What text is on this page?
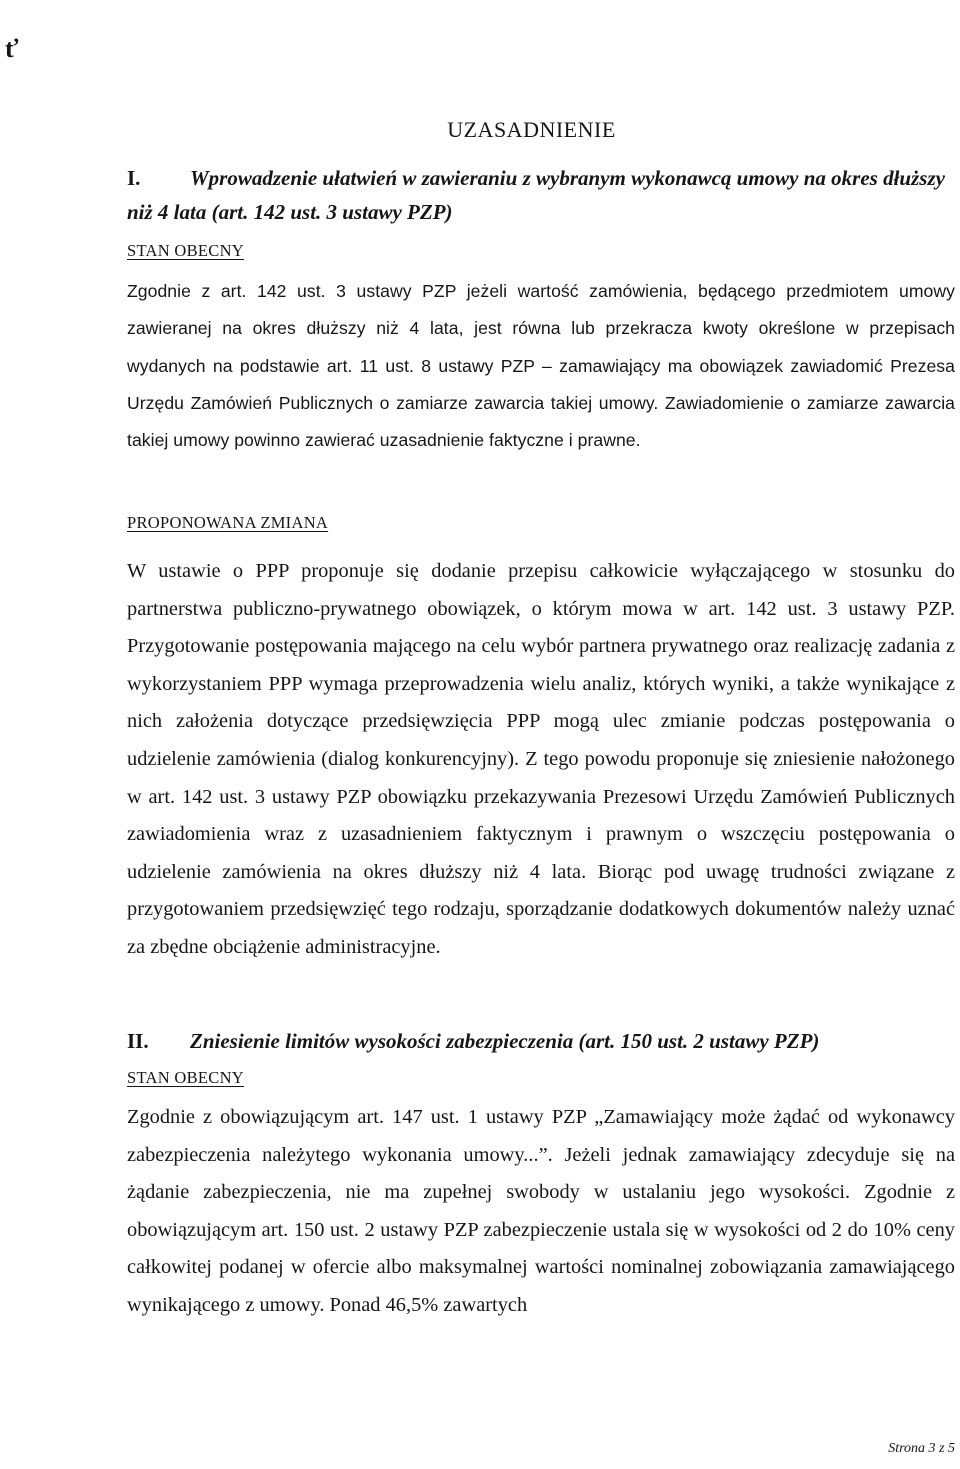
ť
UZASADNIENIE
I. Wprowadzenie ułatwień w zawieraniu z wybranym wykonawcą umowy na okres dłuższy niż 4 lata (art. 142 ust. 3 ustawy PZP)
STAN OBECNY
Zgodnie z art. 142 ust. 3 ustawy PZP jeżeli wartość zamówienia, będącego przedmiotem umowy zawieranej na okres dłuższy niż 4 lata, jest równa lub przekracza kwoty określone w przepisach wydanych na podstawie art. 11 ust. 8 ustawy PZP – zamawiający ma obowiązek zawiadomić Prezesa Urzędu Zamówień Publicznych o zamiarze zawarcia takiej umowy. Zawiadomienie o zamiarze zawarcia takiej umowy powinno zawierać uzasadnienie faktyczne i prawne.
PROPONOWANA ZMIANA
W ustawie o PPP proponuje się dodanie przepisu całkowicie wyłączającego w stosunku do partnerstwa publiczno-prywatnego obowiązek, o którym mowa w art. 142 ust. 3 ustawy PZP. Przygotowanie postępowania mającego na celu wybór partnera prywatnego oraz realizację zadania z wykorzystaniem PPP wymaga przeprowadzenia wielu analiz, których wyniki, a także wynikające z nich założenia dotyczące przedsięwzięcia PPP mogą ulec zmianie podczas postępowania o udzielenie zamówienia (dialog konkurencyjny). Z tego powodu proponuje się zniesienie nałożonego w art. 142 ust. 3 ustawy PZP obowiązku przekazywania Prezesowi Urzędu Zamówień Publicznych zawiadomienia wraz z uzasadnieniem faktycznym i prawnym o wszczęciu postępowania o udzielenie zamówienia na okres dłuższy niż 4 lata. Biorąc pod uwagę trudności związane z przygotowaniem przedsięwzięć tego rodzaju, sporządzanie dodatkowych dokumentów należy uznać za zbędne obciążenie administracyjne.
II. Zniesienie limitów wysokości zabezpieczenia (art. 150 ust. 2 ustawy PZP)
STAN OBECNY
Zgodnie z obowiązującym art. 147 ust. 1 ustawy PZP „Zamawiający może żądać od wykonawcy zabezpieczenia należytego wykonania umowy...”. Jeżeli jednak zamawiający zdecyduje się na żądanie zabezpieczenia, nie ma zupełnej swobody w ustalaniu jego wysokości. Zgodnie z obowiązującym art. 150 ust. 2 ustawy PZP zabezpieczenie ustala się w wysokości od 2 do 10% ceny całkowitej podanej w ofercie albo maksymalnej wartości nominalnej zobowiązania zamawiającego wynikającego z umowy. Ponad 46,5% zawartych
Strona 3 z 5
